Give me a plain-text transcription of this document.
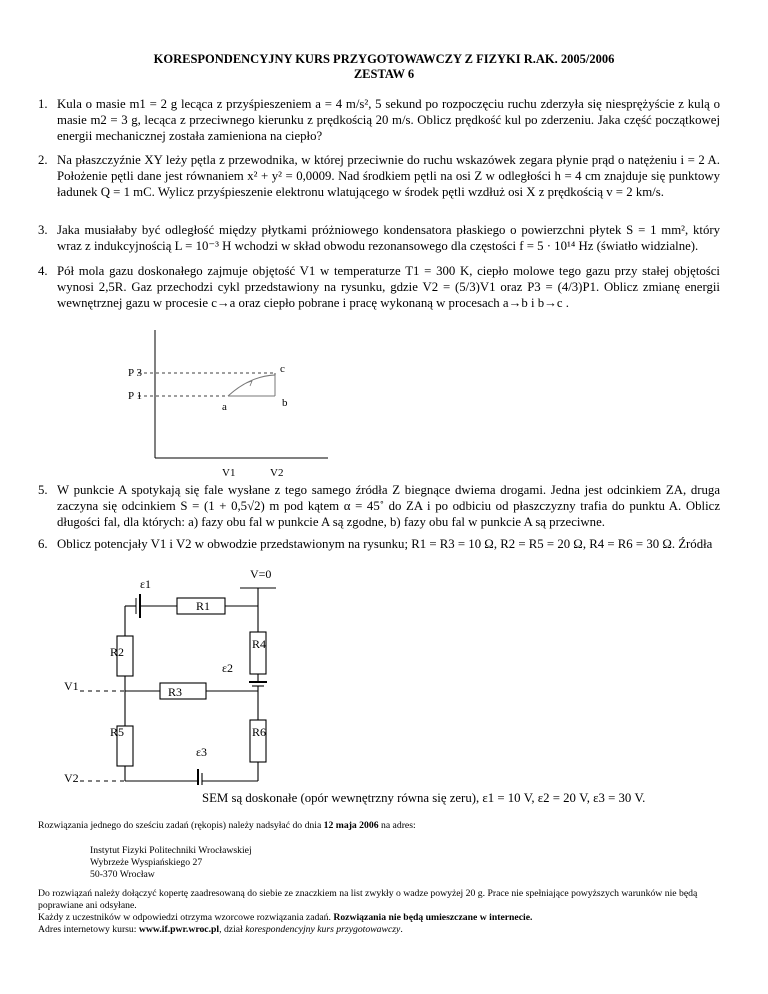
KORESPONDENCYJNY KURS PRZYGOTOWAWCZY Z FIZYKI R.AK. 2005/2006
ZESTAW 6
1. Kula o masie m1 = 2 g lecąca z przyśpieszeniem a = 4 m/s², 5 sekund po rozpoczęciu ruchu zderzyła się niesprężyście z kulą o masie m2 = 3 g, lecąca z przeciwnego kierunku z prędkością 20 m/s. Oblicz prędkość kul po zderzeniu. Jaka część początkowej energii mechanicznej została zamieniona na ciepło?
2. Na płaszczyźnie XY leży pętla z przewodnika, w której przeciwnie do ruchu wskazówek zegara płynie prąd o natężeniu i = 2 A. Położenie pętli dane jest równaniem x² + y² = 0,0009. Nad środkiem pętli na osi Z w odległości h = 4 cm znajduje się punktowy ładunek Q = 1 mC. Wylicz przyśpieszenie elektronu wlatującego w środek pętli wzdłuż osi X z prędkością v = 2 km/s.
3. Jaka musiałaby być odległość między płytkami próżniowego kondensatora płaskiego o powierzchni płytek S = 1 mm², który wraz z indukcyjnością L = 10⁻³ H wchodzi w skład obwodu rezonansowego dla częstości f = 5 · 10¹⁴ Hz (światło widzialne).
4. Pół mola gazu doskonałego zajmuje objętość V1 w temperaturze T1 = 300 K, ciepło molowe tego gazu przy stałej objętości wynosi 2,5R. Gaz przechodzi cykl przedstawiony na rysunku, gdzie V2 = (5/3)V1 oraz P3 = (4/3)P1. Oblicz zmianę energii wewnętrznej gazu w procesie c→a oraz ciepło pobrane i pracę wykonaną w procesach a→b i b→c .
P 3
P 1
a	b
c
V1	V2
5. W punkcie A spotykają się fale wysłane z tego samego źródła Z biegnące dwiema drogami. Jedna jest odcinkiem ZA, druga zaczyna się odcinkiem S = (1 + 0,5√2) m pod kątem α = 45˚ do ZA i po odbiciu od płaszczyzny trafia do punktu A. Oblicz długości fal, dla których: a) fazy obu fal w punkcie A są zgodne, b) fazy obu fal w punkcie A są przeciwne.
6. Oblicz potencjały V1 i V2 w obwodzie przedstawionym na rysunku; R1 = R3 = 10 Ω, R2 = R5 = 20 Ω, R4 = R6 = 30 Ω. Źródła
V=0
ε1
R1
R2
R4
ε2
R3
R5	R6
ε3
V1
V2
SEM są doskonałe (opór wewnętrzny równa się zeru), ε1 = 10 V, ε2 = 20 V, ε3 = 30 V.
Rozwiązania jednego do sześciu zadań (rękopis) należy nadsyłać do dnia 12 maja 2006 na adres:
Instytut Fizyki Politechniki Wrocławskiej
Wybrzeże Wyspiańskiego 27
50-370 Wrocław
Do rozwiązań należy dołączyć kopertę zaadresowaną do siebie ze znaczkiem na list zwykły o wadze powyżej 20 g. Prace nie spełniające powyższych warunków nie będą poprawiane ani odsyłane.
Każdy z uczestników w odpowiedzi otrzyma wzorcowe rozwiązania zadań. Rozwiązania nie będą umieszczane w internecie.
Adres internetowy kursu: www.if.pwr.wroc.pl, dział korespondencyjny kurs przygotowawczy.
